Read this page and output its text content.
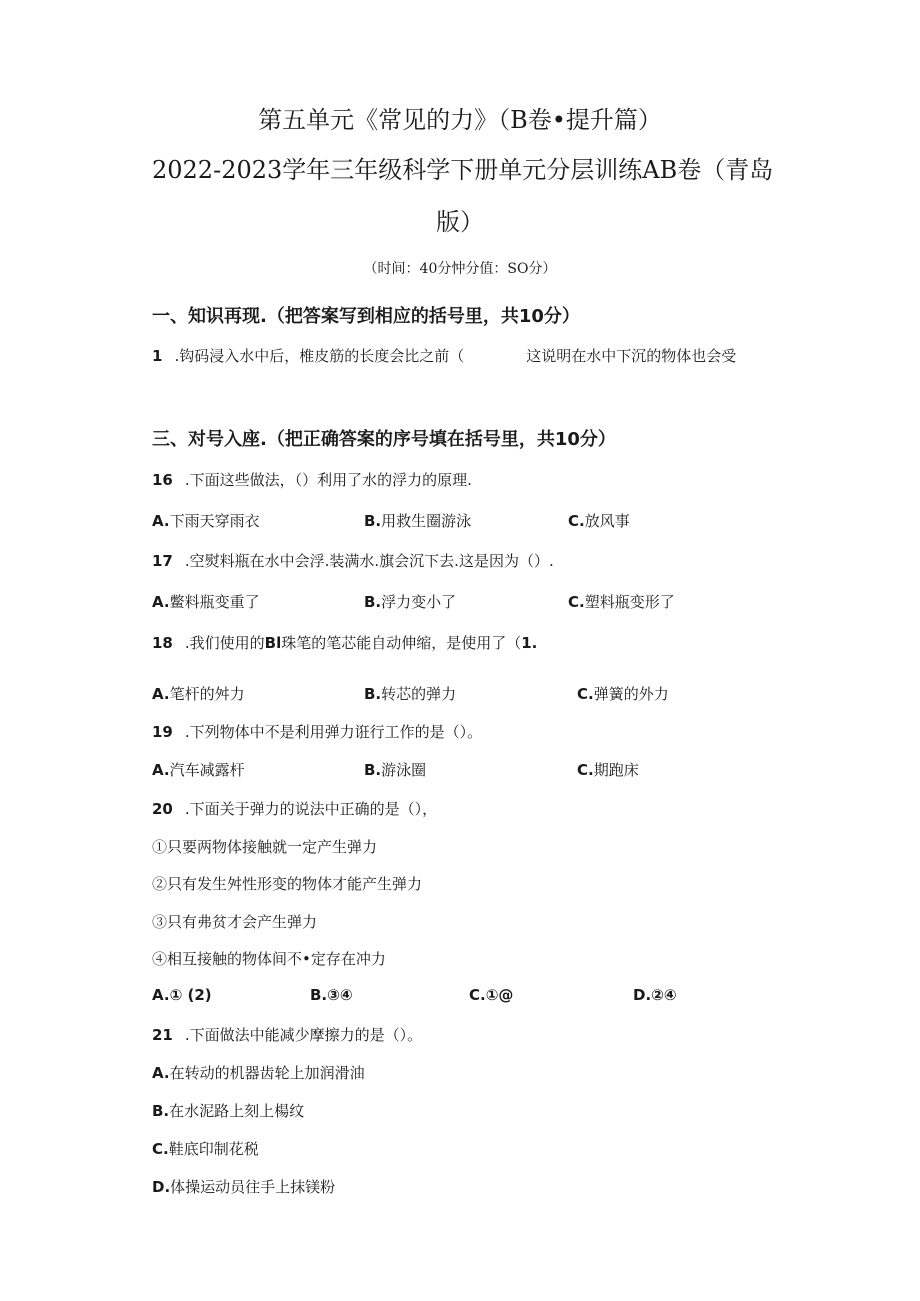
第五单元《常见的力》（B卷•提升篇）
2022-2023学年三年级科学下册单元分层训练AB卷（青岛
版）
（时间：40分忡分值：SO分）
一、知识再现.（把答案写到相应的括号里，共10分）
1 .钩码浸入水中后，椎皮筋的长度会比之前（	这说明在水中下沉的物体也会受
三、对号入座.（把正确答案的序号填在括号里，共10分）
16 .下面这些做法，（）利用了水的浮力的原理.
A.下雨天穿雨衣	B.用救生圈游泳	C.放风事
17 .空熨料瓶在水中会浮.装满水.旗会沉下去.这是因为（）.
A.鳖料瓶变重了	B.浮力变小了	C.塑料瓶变形了
18 .我们使用的Bl珠笔的笔芯能自动伸缩，是使用了（1.
A.笔杆的舛力	B.转芯的弹力	C.弹簧的外力
19 .下列物体中不是利用弹力诳行工作的是（）。
A.汽车减露杆	B.游泳圈	C.期跑床
20 .下面关于弹力的说法中正确的是（），
①只要两物体接触就一定产生弹力
②只有发生舛性形变的物体才能产生弹力
③只有弗贫才会产生弹力
④相互接触的物体间不•定存在冲力
A.① (2)	B.③④	C.①@	D.②④
21 .下面做法中能减少摩擦力的是（）。
A.在转动的机器齿轮上加润滑油
B.在水泥路上刻上楊纹
C.鞋底印制花税
D.体操运动员往手上抹镁粉
